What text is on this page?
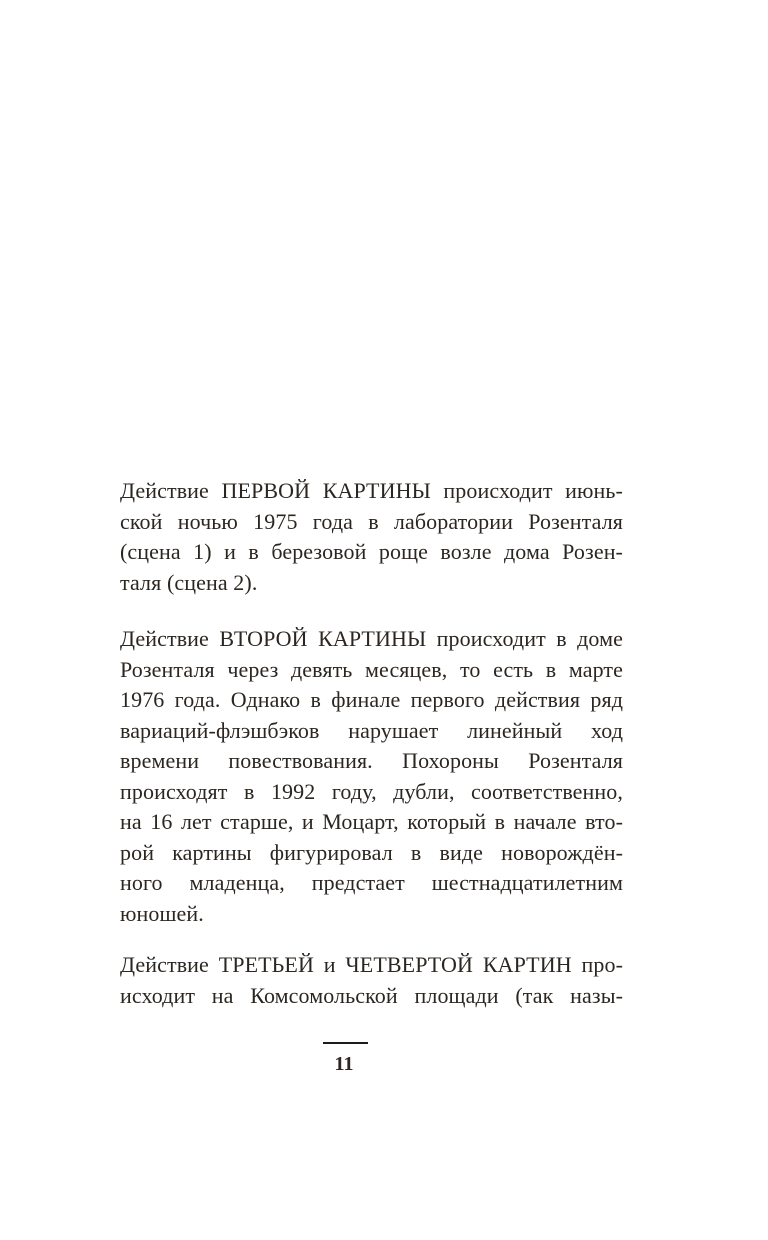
Действие ПЕРВОЙ КАРТИНЫ происходит июнь-
ской ночью 1975 года в лаборатории Розенталя
(сцена 1) и в березовой роще возле дома Розен-
таля (сцена 2).
Действие ВТОРОЙ КАРТИНЫ происходит в доме
Розенталя через девять месяцев, то есть в марте
1976 года. Однако в финале первого действия ряд
вариаций-флэшбэков нарушает линейный ход
времени повествования. Похороны Розенталя
происходят в 1992 году, дубли, соответственно,
на 16 лет старше, и Моцарт, который в начале вто-
рой картины фигурировал в виде новорождён-
ного младенца, предстает шестнадцатилетним
юношей.
Действие ТРЕТЬЕЙ и ЧЕТВЕРТОЙ КАРТИН про-
исходит на Комсомольской площади (так назы-
11
